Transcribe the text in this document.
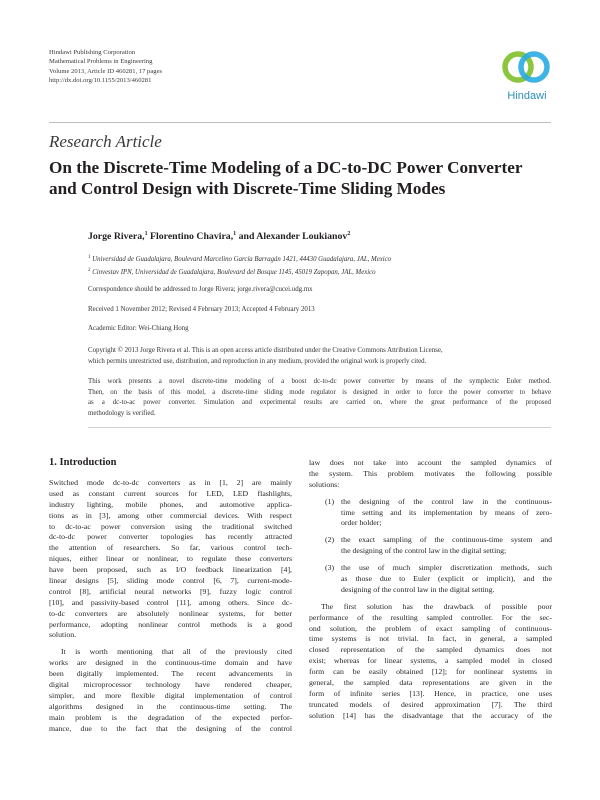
Hindawi Publishing Corporation
Mathematical Problems in Engineering
Volume 2013, Article ID 460281, 17 pages
http://dx.doi.org/10.1155/2013/460281
Hindawi
Research Article
On the Discrete-Time Modeling of a DC-to-DC Power Converter
and Control Design with Discrete-Time Sliding Modes
Jorge Rivera,$^1$ Florentino Chavira,$^1$ and Alexander Loukianov$^2$
$^1$ Universidad de Guadalajara, Boulevard Marcelino García Barragán 1421, 44430 Guadalajara, JAL, Mexico
$^2$ Cinvestav IPN, Universidad de Guadalajara, Boulevard del Bosque 1145, 45019 Zapopan, JAL, Mexico
Correspondence should be addressed to Jorge Rivera; jorge.rivera@cucei.udg.mx
Received 1 November 2012; Revised 4 February 2013; Accepted 4 February 2013
Academic Editor: Wei-Chiang Hong
Copyright © 2013 Jorge Rivera et al. This is an open access article distributed under the Creative Commons Attribution License,
which permits unrestricted use, distribution, and reproduction in any medium, provided the original work is properly cited.
This work presents a novel discrete-time modeling of a boost dc-to-dc power converter by means of the symplectic Euler method.
Then, on the basis of this model, a discrete-time sliding mode regulator is designed in order to force the power converter to behave
as a dc-to-ac power converter. Simulation and experimental results are carried on, where the great performance of the proposed
methodology is verified.
1. Introduction
Switched mode dc-to-dc converters as in [1, 2] are mainly
used as constant current sources for LED, LED flashlights,
industry lighting, mobile phones, and automotive applica-
tions as in [3], among other commercial devices. With respect
to dc-to-ac power conversion using the traditional switched
dc-to-dc power converter topologies has recently attracted
the attention of researchers. So far, various control tech-
niques, either linear or nonlinear, to regulate these converters
have been proposed, such as I/O feedback linearization [4],
linear designs [5], sliding mode control [6, 7], current-mode-
control [8], artificial neural networks [9], fuzzy logic control
[10], and passivity-based control [11], among others. Since dc-
to-dc converters are absolutely nonlinear systems, for better
performance, adopting nonlinear control methods is a good
solution.
It is worth mentioning that all of the previously cited
works are designed in the continuous-time domain and have
been digitally implemented. The recent advancements in
digital microprocessor technology have rendered cheaper,
simpler, and more flexible digital implementation of control
algorithms designed in the continuous-time setting. The
main problem is the degradation of the expected perfor-
mance, due to the fact that the designing of the control
law does not take into account the sampled dynamics of
the system. This problem motivates the following possible
solutions:
(1) the designing of the control law in the continuous-
time setting and its implementation by means of zero-
order holder;
(2) the exact sampling of the continuous-time system and
the designing of the control law in the digital setting;
(3) the use of much simpler discretization methods, such
as those due to Euler (explicit or implicit), and the
designing of the control law in the digital setting.
The first solution has the drawback of possible poor
performance of the resulting sampled controller. For the sec-
ond solution, the problem of exact sampling of continuous-
time systems is not trivial. In fact, in general, a sampled
closed representation of the sampled dynamics does not
exist; whereas for linear systems, a sampled model in closed
form can be easily obtained [12]; for nonlinear systems in
general, the sampled data representations are given in the
form of infinite series [13]. Hence, in practice, one uses
truncated models of desired approximation [7]. The third
solution [14] has the disadvantage that the accuracy of the
